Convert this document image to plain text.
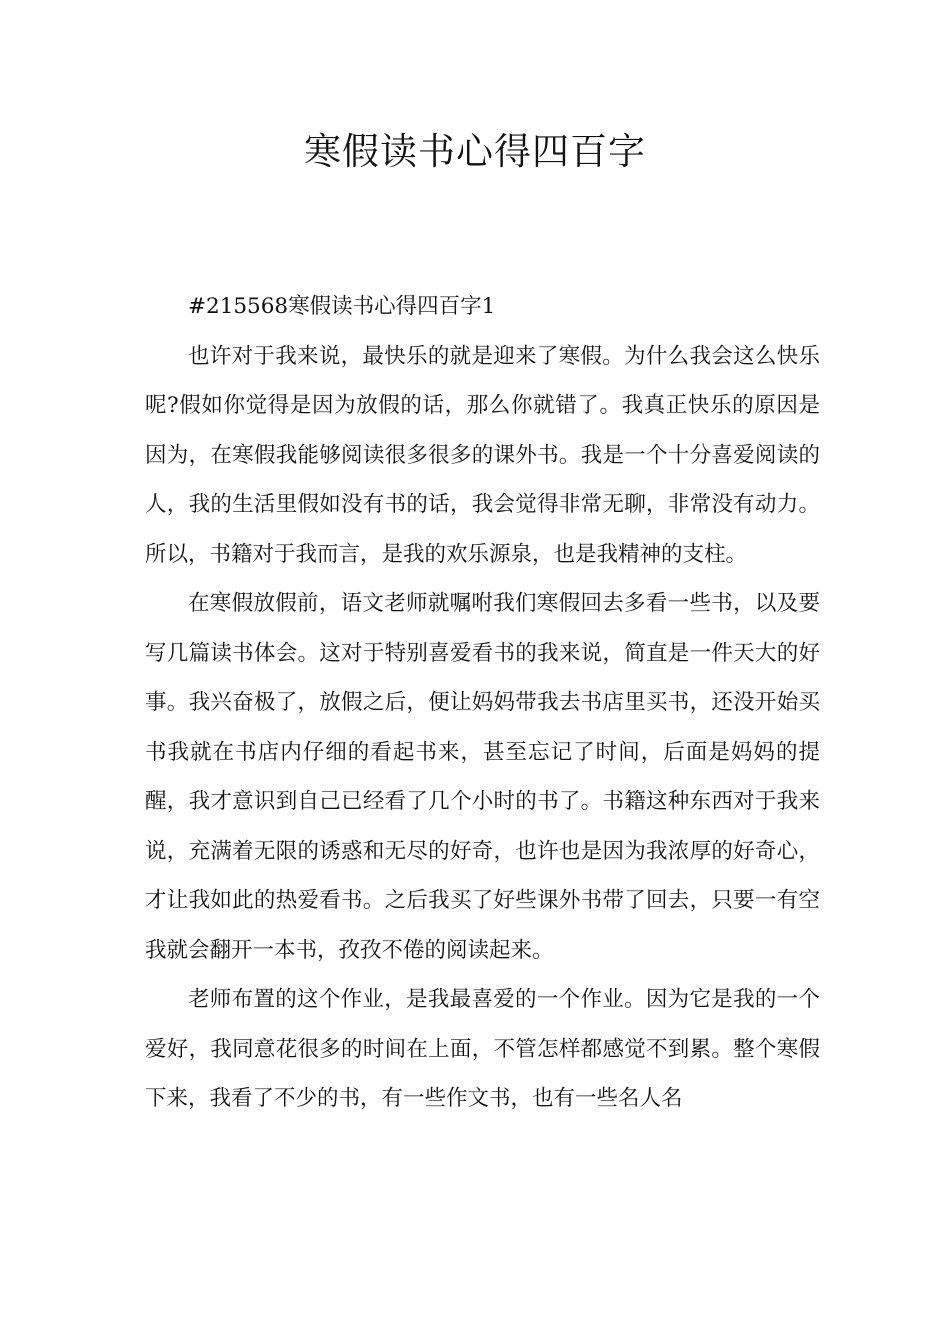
寒假读书心得四百字

#215568寒假读书心得四百字1

也许对于我来说，最快乐的就是迎来了寒假。为什么我会这么快乐呢?假如你觉得是因为放假的话，那么你就错了。我真正快乐的原因是因为，在寒假我能够阅读很多很多的课外书。我是一个十分喜爱阅读的人，我的生活里假如没有书的话，我会觉得非常无聊，非常没有动力。所以，书籍对于我而言，是我的欢乐源泉，也是我精神的支柱。

在寒假放假前，语文老师就嘱咐我们寒假回去多看一些书，以及要写几篇读书体会。这对于特别喜爱看书的我来说，简直是一件天大的好事。我兴奋极了，放假之后，便让妈妈带我去书店里买书，还没开始买书我就在书店内仔细的看起书来，甚至忘记了时间，后面是妈妈的提醒，我才意识到自己已经看了几个小时的书了。书籍这种东西对于我来说，充满着无限的诱惑和无尽的好奇，也许也是因为我浓厚的好奇心，才让我如此的热爱看书。之后我买了好些课外书带了回去，只要一有空我就会翻开一本书，孜孜不倦的阅读起来。

老师布置的这个作业，是我最喜爱的一个作业。因为它是我的一个爱好，我同意花很多的时间在上面，不管怎样都感觉不到累。整个寒假下来，我看了不少的书，有一些作文书，也有一些名人名
